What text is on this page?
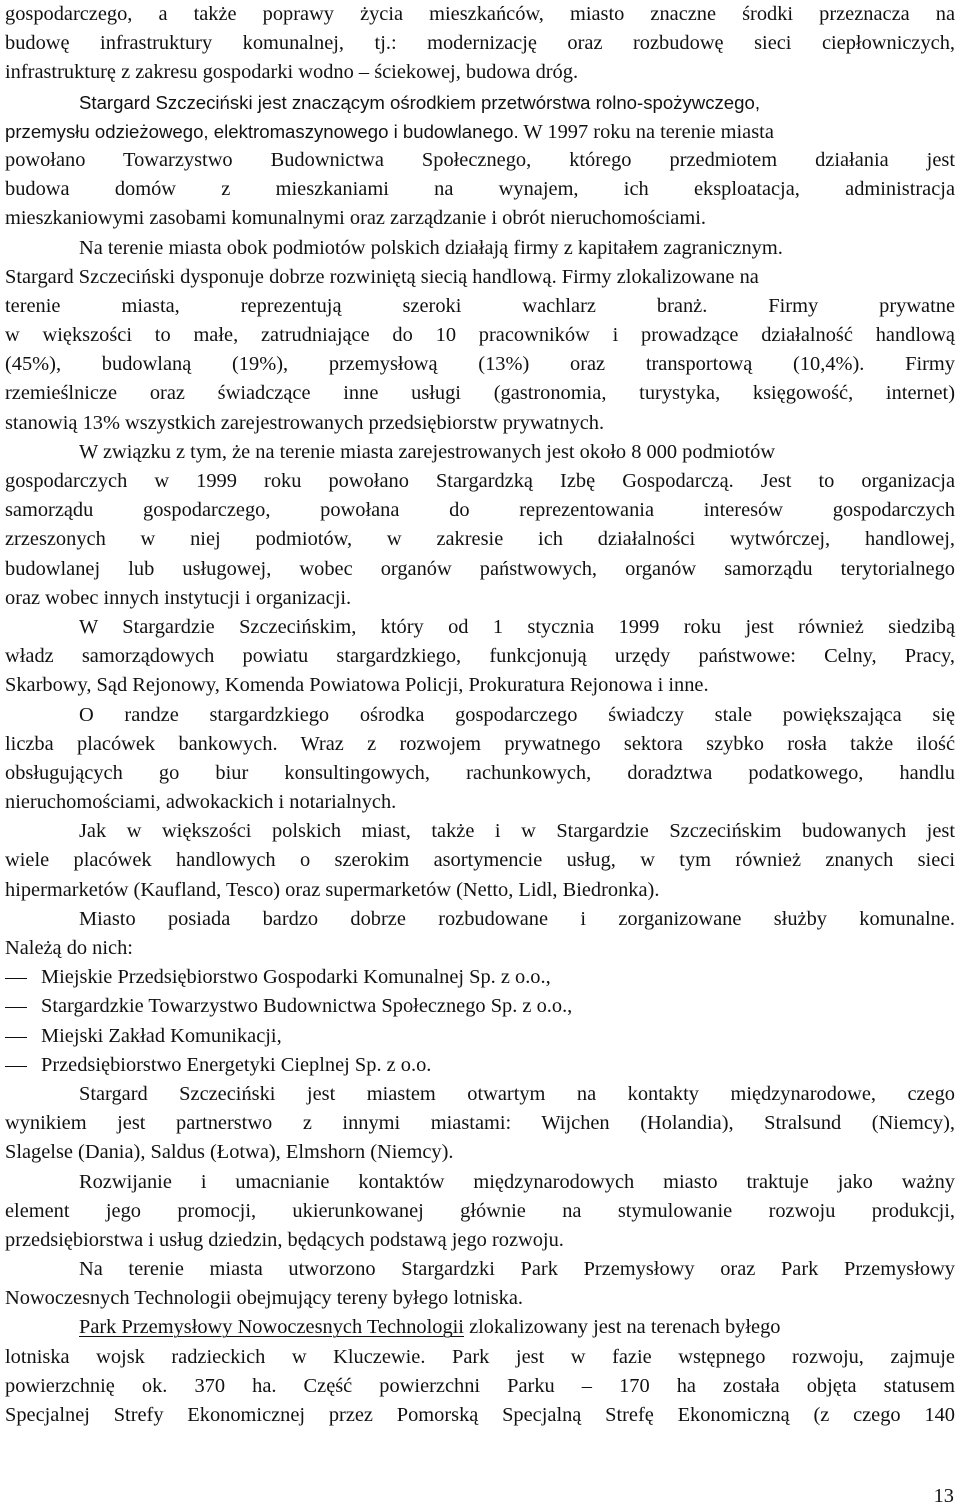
gospodarczego, a także poprawy życia mieszkańców, miasto znaczne środki przeznacza na
budowę infrastruktury komunalnej, tj.: modernizację oraz rozbudowę sieci ciepłowniczych,
infrastrukturę z zakresu gospodarki wodno – ściekowej, budowa dróg.
Stargard Szczeciński jest znaczącym ośrodkiem przetwórstwa rolno-spożywczego,
przemysłu odzieżowego, elektromaszynowego i budowlanego. W 1997 roku na terenie miasta
powołano Towarzystwo Budownictwa Społecznego, którego przedmiotem działania jest
budowa domów z mieszkaniami na wynajem, ich eksploatacja, administracja
mieszkaniowymi zasobami komunalnymi oraz zarządzanie i obrót nieruchomościami.
Na terenie miasta obok podmiotów polskich działają firmy z kapitałem zagranicznym.
Stargard Szczeciński dysponuje dobrze rozwiniętą siecią handlową. Firmy zlokalizowane na
terenie miasta, reprezentują szeroki wachlarz branż. Firmy prywatne
w większości to małe, zatrudniające do 10 pracowników i prowadzące działalność handlową
(45%), budowlaną (19%), przemysłową (13%) oraz transportową (10,4%). Firmy
rzemieślnicze oraz świadczące inne usługi (gastronomia, turystyka, księgowość, internet)
stanowią 13% wszystkich zarejestrowanych przedsiębiorstw prywatnych.
W związku z tym, że na terenie miasta zarejestrowanych jest około 8 000 podmiotów
gospodarczych w 1999 roku powołano Stargardzką Izbę Gospodarczą. Jest to organizacja
samorządu gospodarczego, powołana do reprezentowania interesów gospodarczych
zrzeszonych w niej podmiotów, w zakresie ich działalności wytwórczej, handlowej,
budowlanej lub usługowej, wobec organów państwowych, organów samorządu terytorialnego
oraz wobec innych instytucji i organizacji.
W Stargardzie Szczecińskim, który od 1 stycznia 1999 roku jest również siedzibą
władz samorządowych powiatu stargardzkiego, funkcjonują urzędy państwowe: Celny, Pracy,
Skarbowy, Sąd Rejonowy, Komenda Powiatowa Policji, Prokuratura Rejonowa i inne.
O randze stargardzkiego ośrodka gospodarczego świadczy stale powiększająca się
liczba placówek bankowych. Wraz z rozwojem prywatnego sektora szybko rosła także ilość
obsługujących go biur konsultingowych, rachunkowych, doradztwa podatkowego, handlu
nieruchomościami, adwokackich i notarialnych.
Jak w większości polskich miast, także i w Stargardzie Szczecińskim budowanych jest
wiele placówek handlowych o szerokim asortymencie usług, w tym również znanych sieci
hipermarketów (Kaufland, Tesco) oraz supermarketów (Netto, Lidl, Biedronka).
Miasto posiada bardzo dobrze rozbudowane i zorganizowane służby komunalne.
Należą do nich:
Miejskie Przedsiębiorstwo Gospodarki Komunalnej Sp. z o.o.,
Stargardzkie Towarzystwo Budownictwa Społecznego Sp. z o.o.,
Miejski Zakład Komunikacji,
Przedsiębiorstwo Energetyki Cieplnej Sp. z o.o.
Stargard Szczeciński jest miastem otwartym na kontakty międzynarodowe, czego
wynikiem jest partnerstwo z innymi miastami: Wijchen (Holandia), Stralsund (Niemcy),
Slagelse (Dania), Saldus (Łotwa), Elmshorn (Niemcy).
Rozwijanie i umacnianie kontaktów międzynarodowych miasto traktuje jako ważny
element jego promocji, ukierunkowanej głównie na stymulowanie rozwoju produkcji,
przedsiębiorstwa i usług dziedzin, będących podstawą jego rozwoju.
Na terenie miasta utworzono Stargardzki Park Przemysłowy oraz Park Przemysłowy
Nowoczesnych Technologii obejmujący tereny byłego lotniska.
Park Przemysłowy Nowoczesnych Technologii zlokalizowany jest na terenach byłego
lotniska wojsk radzieckich w Kluczewie. Park jest w fazie wstępnego rozwoju, zajmuje
powierzchnię ok. 370 ha. Część powierzchni Parku – 170 ha została objęta statusem
Specjalnej Strefy Ekonomicznej przez Pomorską Specjalną Strefę Ekonomiczną (z czego 140
13
